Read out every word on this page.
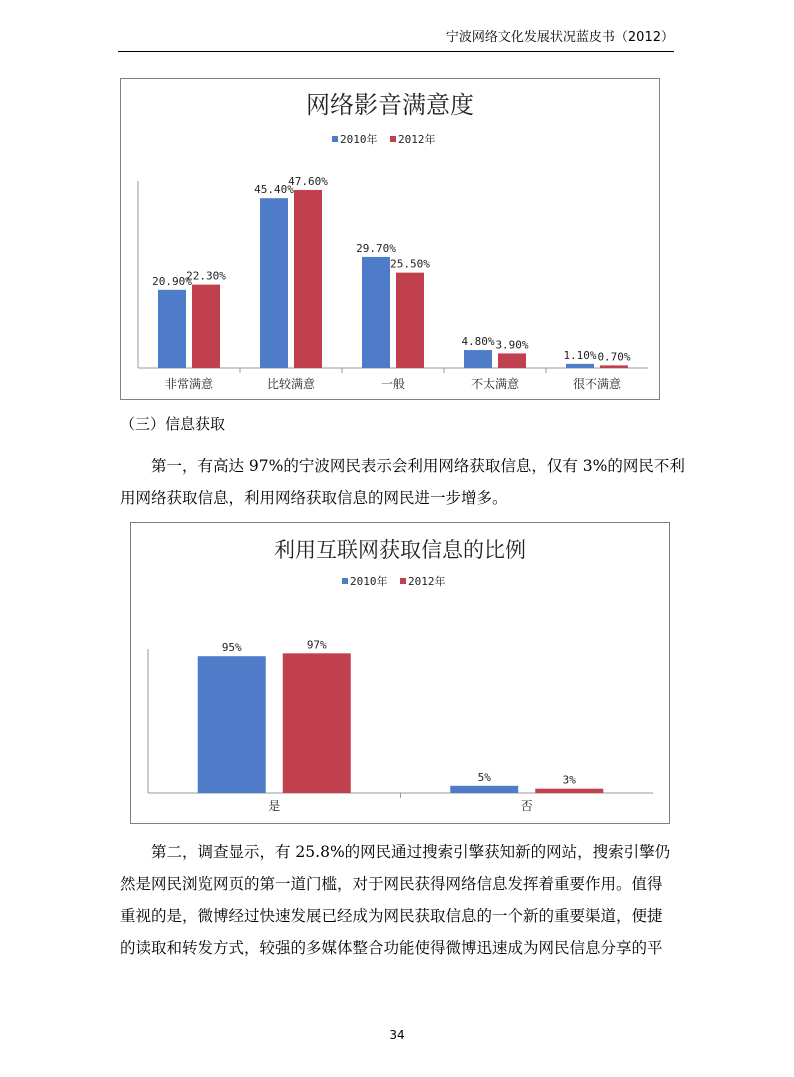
宁波网络文化发展状况蓝皮书（2012）
网络影音满意度
2010年 2012年
20.90%
22.30%
非常满意
45.40%
47.60%
比较满意
29.70%
25.50%
一般
4.80% 3.90%
不太满意
1.10% 0.70%
很不满意
（三）信息获取
第一，有高达 97%的宁波网民表示会利用网络获取信息，仅有 3%的网民不利
用网络获取信息，利用网络获取信息的网民进一步增多。
利用互联网获取信息的比例
2010年 2012年
95%	97%
是
5%	3%
否
第二，调查显示，有 25.8%的网民通过搜索引擎获知新的网站，搜索引擎仍
然是网民浏览网页的第一道门槛，对于网民获得网络信息发挥着重要作用。值得
重视的是，微博经过快速发展已经成为网民获取信息的一个新的重要渠道，便捷
的读取和转发方式，较强的多媒体整合功能使得微博迅速成为网民信息分享的平
34
